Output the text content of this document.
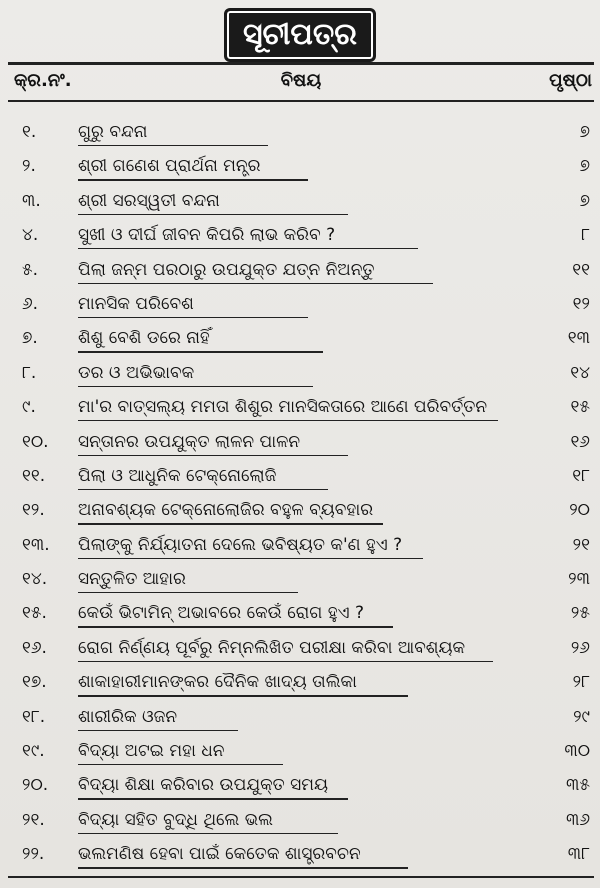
ସୂଚୀପତ୍ର
କ୍ର.ନଂ.	ବିଷୟ	ପୃଷ୍ଠା
୧.	ଗୁରୁ ବନ୍ଦନା	୭
୨.	ଶ୍ରୀ ଗଣେଶ ପ୍ରାର୍ଥନା ମନ୍ତ୍ର	୭
୩.	ଶ୍ରୀ ସରସ୍ୱତୀ ବନ୍ଦନା	୭
୪.	ସୁଖୀ ଓ ଦୀର୍ଘ ଜୀବନ କିପରି ଲାଭ କରିବ ?	୮
୫.	ପିଲା ଜନ୍ମ ପରଠାରୁ ଉପଯୁକ୍ତ ଯତ୍ନ ନିଅନ୍ତୁ	୧୧
୬.	ମାନସିକ ପରିବେଶ	୧୨
୭.	ଶିଶୁ ବେଶି ଡରେ ନାହିଁ	୧୩
୮.	ଡର ଓ ଅଭିଭାବକ	୧୪
୯.	ମା'ର ବାତ୍ସଲ୍ୟ ମମତା ଶିଶୁର ମାନସିକତାରେ ଆଣେ ପରିବର୍ତ୍ତନ	୧୫
୧୦.	ସନ୍ତାନର ଉପଯୁକ୍ତ ଲାଳନ ପାଳନ	୧୬
୧୧.	ପିଲା ଓ ଆଧୁନିକ ଟେକ୍ନୋଲୋଜି	୧୮
୧୨.	ଅନାବଶ୍ୟକ ଟେକ୍ନୋଲୋଜିର ବହୁଳ ବ୍ୟବହାର	୨୦
୧୩.	ପିଲାଙ୍କୁ ନିର୍ଯ୍ୟାତନା ଦେଲେ ଭବିଷ୍ୟତ କ'ଣ ହୁଏ ?	୨୧
୧୪.	ସନ୍ତୁଳିତ ଆହାର	୨୩
୧୫.	କେଉଁ ଭିଟାମିନ୍ ଅଭାବରେ କେଉଁ ରୋଗ ହୁଏ ?	୨୫
୧୬.	ରୋଗ ନିର୍ଣ୍ଣୟ ପୂର୍ବରୁ ନିମ୍ନଲିଖିତ ପରୀକ୍ଷା କରିବା ଆବଶ୍ୟକ	୨୬
୧୭.	ଶାକାହାରୀମାନଙ୍କର ଦୈନିକ ଖାଦ୍ୟ ତାଲିକା	୨୮
୧୮.	ଶାରୀରିକ ଓଜନ	୨୯
୧୯.	ବିଦ୍ୟା ଅଟଇ ମହା ଧନ	୩୦
୨୦.	ବିଦ୍ୟା ଶିକ୍ଷା କରିବାର ଉପଯୁକ୍ତ ସମୟ	୩୫
୨୧.	ବିଦ୍ୟା ସହିତ ବୁଦ୍ଧି ଥିଲେ ଭଲ	୩୬
୨୨.	ଭଲମଣିଷ ହେବା ପାଇଁ କେତେକ ଶାସ୍ତ୍ରବଚନ	୩୮
